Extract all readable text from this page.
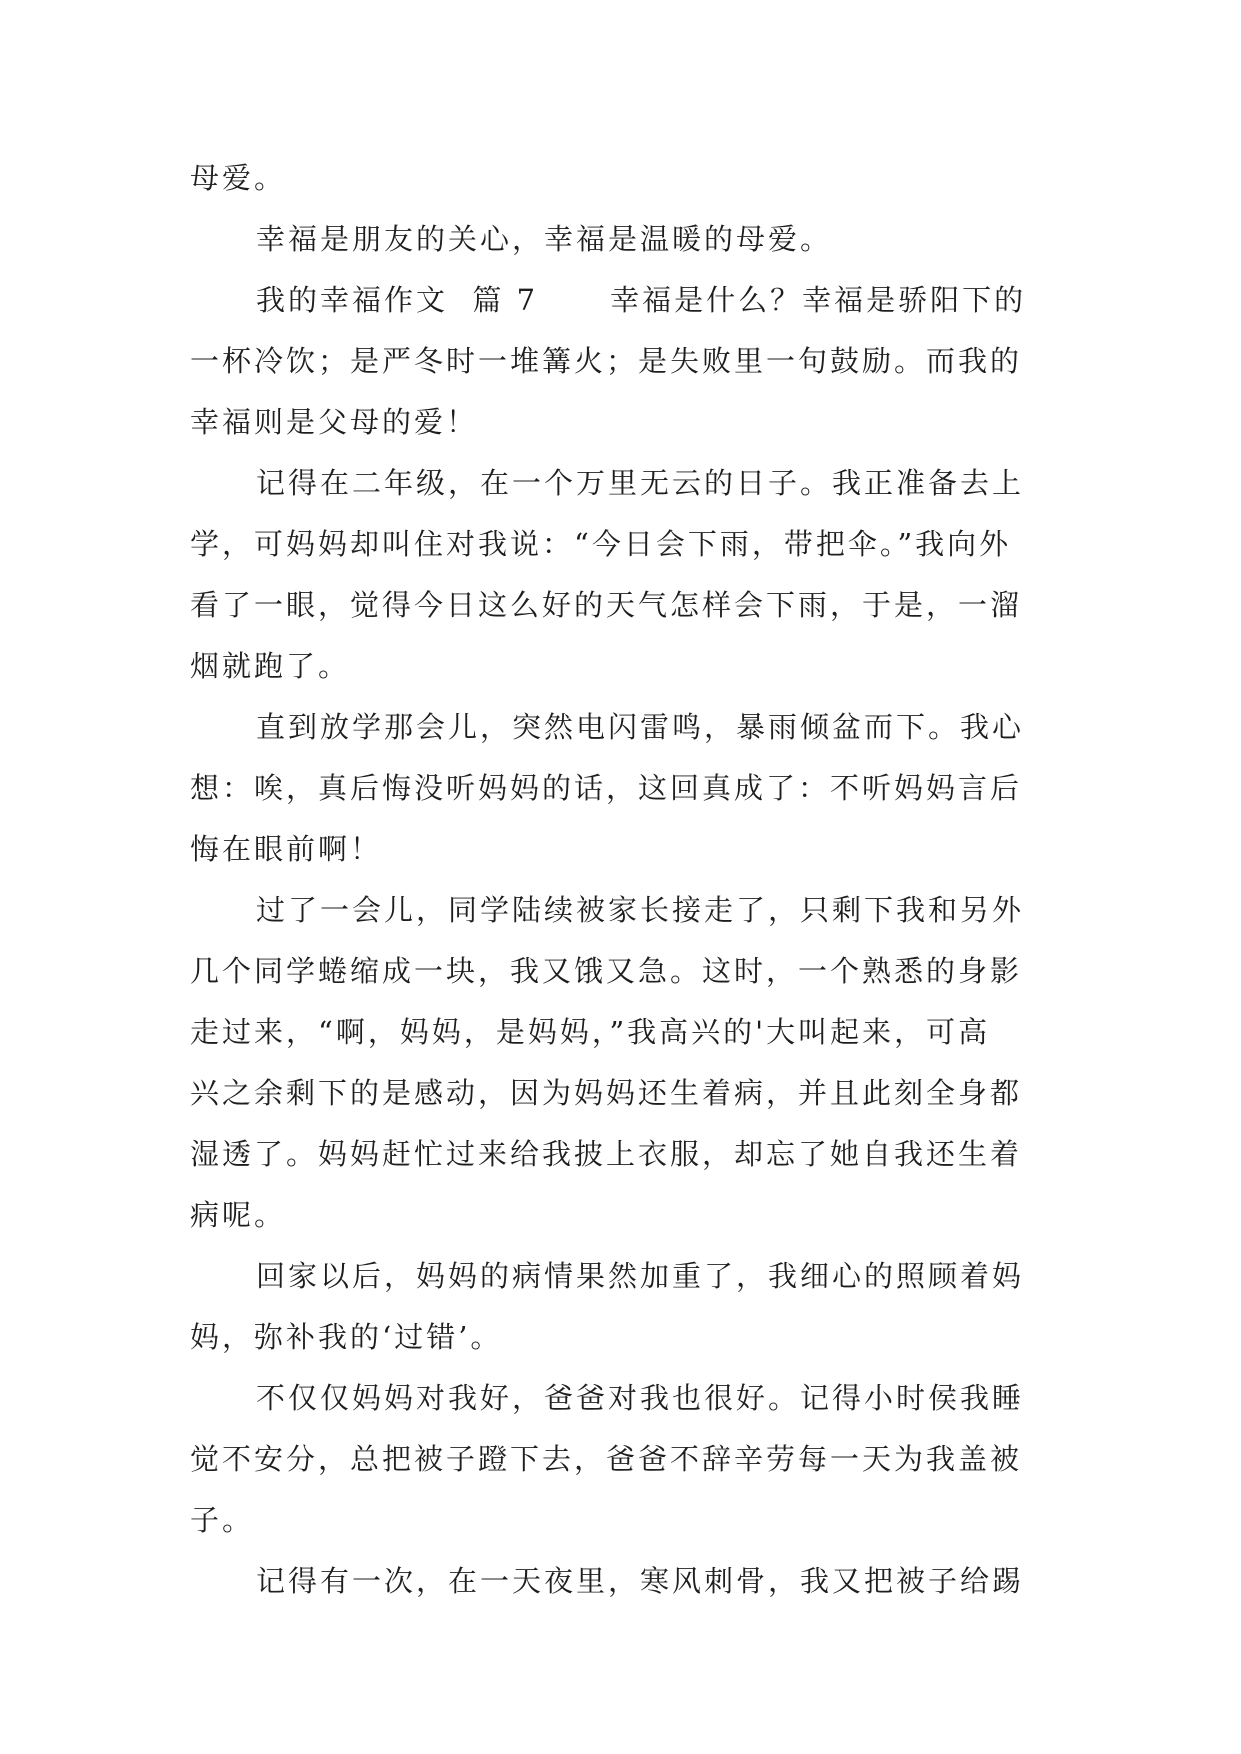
母爱。
幸福是朋友的关心，幸福是温暖的母爱。
我的幸福作文  篇 7 幸福是什么？幸福是骄阳下的
一杯冷饮；是严冬时一堆篝火；是失败里一句鼓励。而我的
幸福则是父母的爱！
记得在二年级，在一个万里无云的日子。我正准备去上
学，可妈妈却叫住对我说：“今日会下雨，带把伞。”我向外
看了一眼，觉得今日这么好的天气怎样会下雨，于是，一溜
烟就跑了。
直到放学那会儿，突然电闪雷鸣，暴雨倾盆而下。我心
想：唉，真后悔没听妈妈的话，这回真成了：不听妈妈言后
悔在眼前啊！
过了一会儿，同学陆续被家长接走了，只剩下我和另外
几个同学蜷缩成一块，我又饿又急。这时，一个熟悉的身影
走过来，“啊，妈妈，是妈妈，”我高兴的'大叫起来，可高
兴之余剩下的是感动，因为妈妈还生着病，并且此刻全身都
湿透了。妈妈赶忙过来给我披上衣服，却忘了她自我还生着
病呢。
回家以后，妈妈的病情果然加重了，我细心的照顾着妈
妈，弥补我的‘过错’。
不仅仅妈妈对我好，爸爸对我也很好。记得小时侯我睡
觉不安分，总把被子蹬下去，爸爸不辞辛劳每一天为我盖被
子。
记得有一次，在一天夜里，寒风刺骨，我又把被子给踢
